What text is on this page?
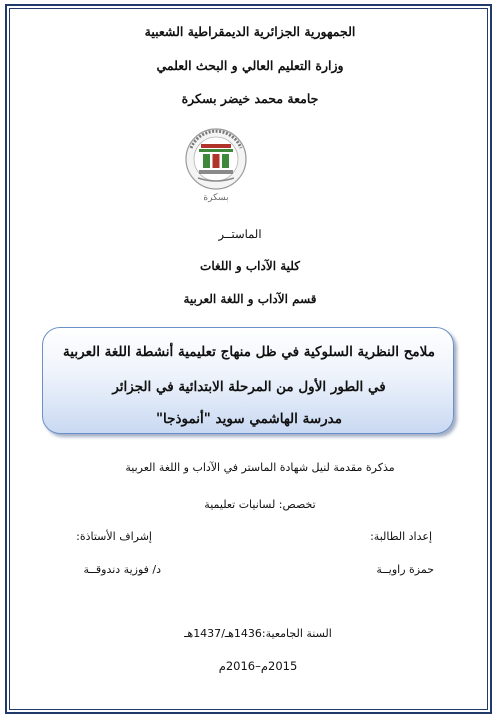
الجمهورية الجزائرية الديمقراطية الشعبية
وزارة التعليم العالي و البحث العلمي
جامعة محمد خيضر بسكرة
بسكرة
الماستــر
كلية الآداب و اللغات
قسم الآداب و اللغة العربية
ملامح النظرية السلوكية في ظل منهاج تعليمية أنشطة اللغة العربية
في الطور الأول من المرحلة الابتدائية في الجزائر
مدرسة الهاشمي سويد "أنموذجا"
مذكرة مقدمة لنيل شهادة الماستر في الآداب و اللغة العربية
تخصص: لسانيات تعليمية
إعداد الطالبة:
إشراف الأستاذة:
حمزة راويــة
د/ فوزية دندوقــة
السنة الجامعية:1436هـ/1437هـ
2015م–2016م
